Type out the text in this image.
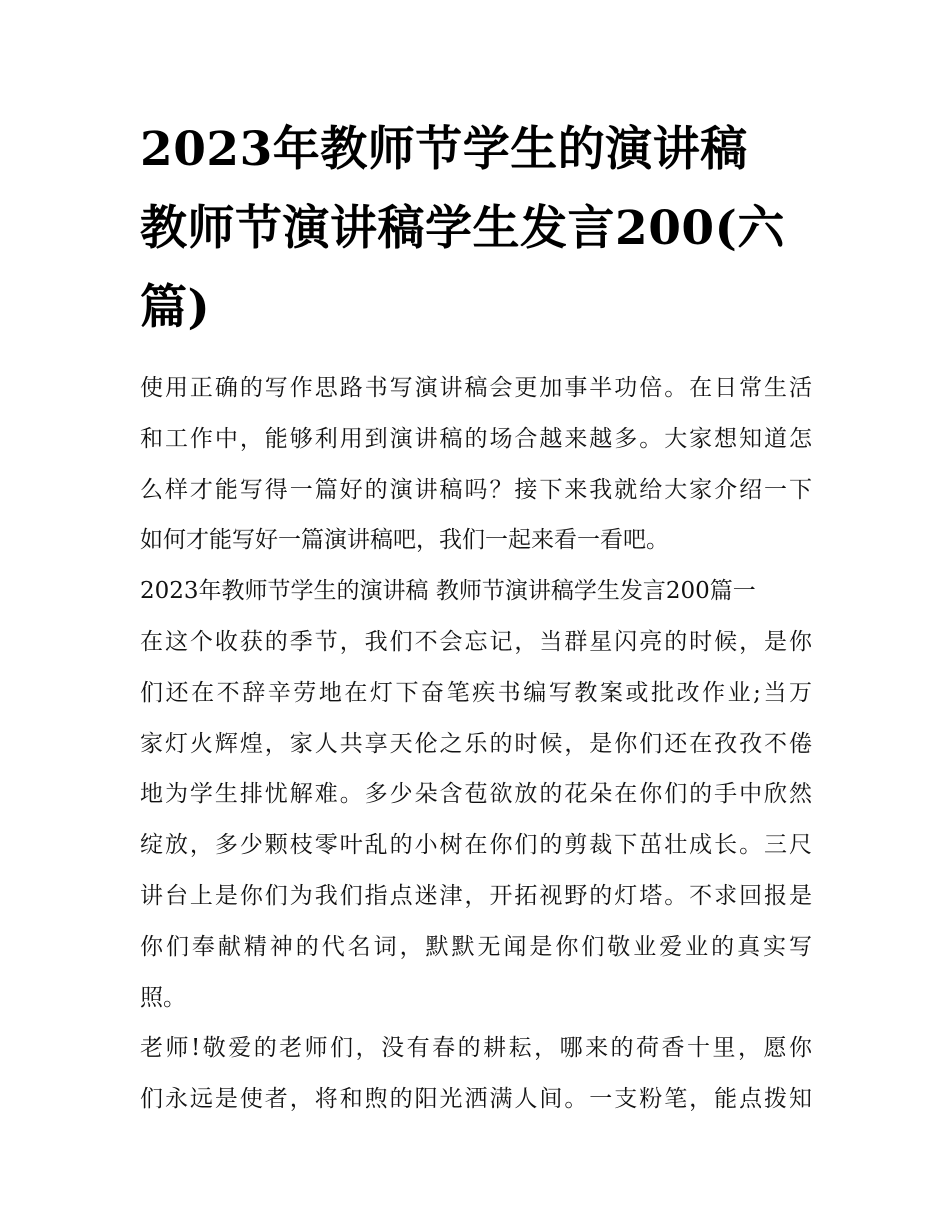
2023年教师节学生的演讲稿
教师节演讲稿学生发言200(六
篇)

使用正确的写作思路书写演讲稿会更加事半功倍。在日常生活
和工作中，能够利用到演讲稿的场合越来越多。大家想知道怎
么样才能写得一篇好的演讲稿吗？接下来我就给大家介绍一下
如何才能写好一篇演讲稿吧，我们一起来看一看吧。

2023年教师节学生的演讲稿 教师节演讲稿学生发言200篇一

在这个收获的季节，我们不会忘记，当群星闪亮的时候，是你
们还在不辞辛劳地在灯下奋笔疾书编写教案或批改作业;当万
家灯火辉煌，家人共享天伦之乐的时候，是你们还在孜孜不倦
地为学生排忧解难。多少朵含苞欲放的花朵在你们的手中欣然
绽放，多少颗枝零叶乱的小树在你们的剪裁下茁壮成长。三尺
讲台上是你们为我们指点迷津，开拓视野的灯塔。不求回报是
你们奉献精神的代名词，默默无闻是你们敬业爱业的真实写
照。

老师!敬爱的老师们，没有春的耕耘，哪来的荷香十里，愿你
们永远是使者，将和煦的阳光洒满人间。一支粉笔，能点拨知
